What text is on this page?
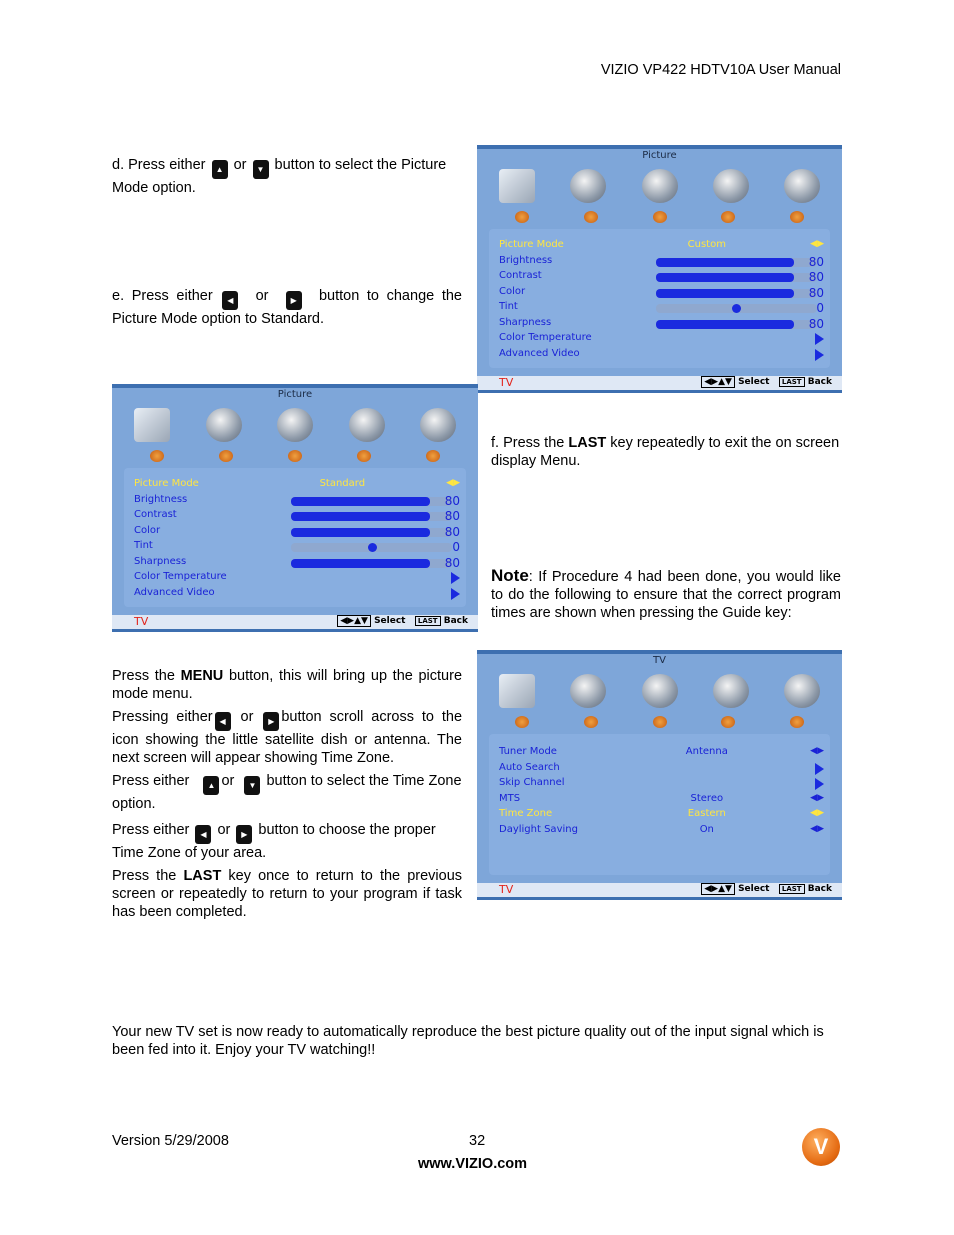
VIZIO VP422 HDTV10A User Manual
d. Press either ▲ or ▼ button to select the Picture Mode option.
e. Press either ◀ or	▶ button to change the Picture Mode option to Standard.
Picture
Picture Mode	Custom	◀▶
Brightness	80
Contrast	80
Color	80
Tint	0
Sharpness	80
Color Temperature
Advanced Video
TV	◀▶▲▼ Select LAST Back
Picture
Picture Mode	Standard	◀▶
Brightness	80
Contrast	80
Color	80
Tint	0
Sharpness	80
Color Temperature
Advanced Video
TV	◀▶▲▼ Select LAST Back
f. Press the LAST key repeatedly to exit the on screen display Menu.
Note: If Procedure 4 had been done, you would like to do the following to ensure that the correct program times are shown when pressing the Guide key:
TV
Tuner Mode	Antenna	◀▶
Auto Search
Skip Channel
MTS	Stereo	◀▶
Time Zone	Eastern	◀▶
Daylight Saving	On	◀▶
TV	◀▶▲▼ Select LAST Back
Press the MENU button, this will bring up the picture mode menu.
Pressing either ◀ or ▶ button scroll across to the icon showing the little satellite dish or antenna. The next screen will appear showing Time Zone.
Press either ▲ or ▼ button to select the Time Zone option.
Press either ◀ or ▶ button to choose the proper Time Zone of your area.
Press the LAST key once to return to the previous screen or repeatedly to return to your program if task has been completed.
Your new TV set is now ready to automatically reproduce the best picture quality out of the input signal which is been fed into it. Enjoy your TV watching!!
Version 5/29/2008	32
www.VIZIO.com
V
